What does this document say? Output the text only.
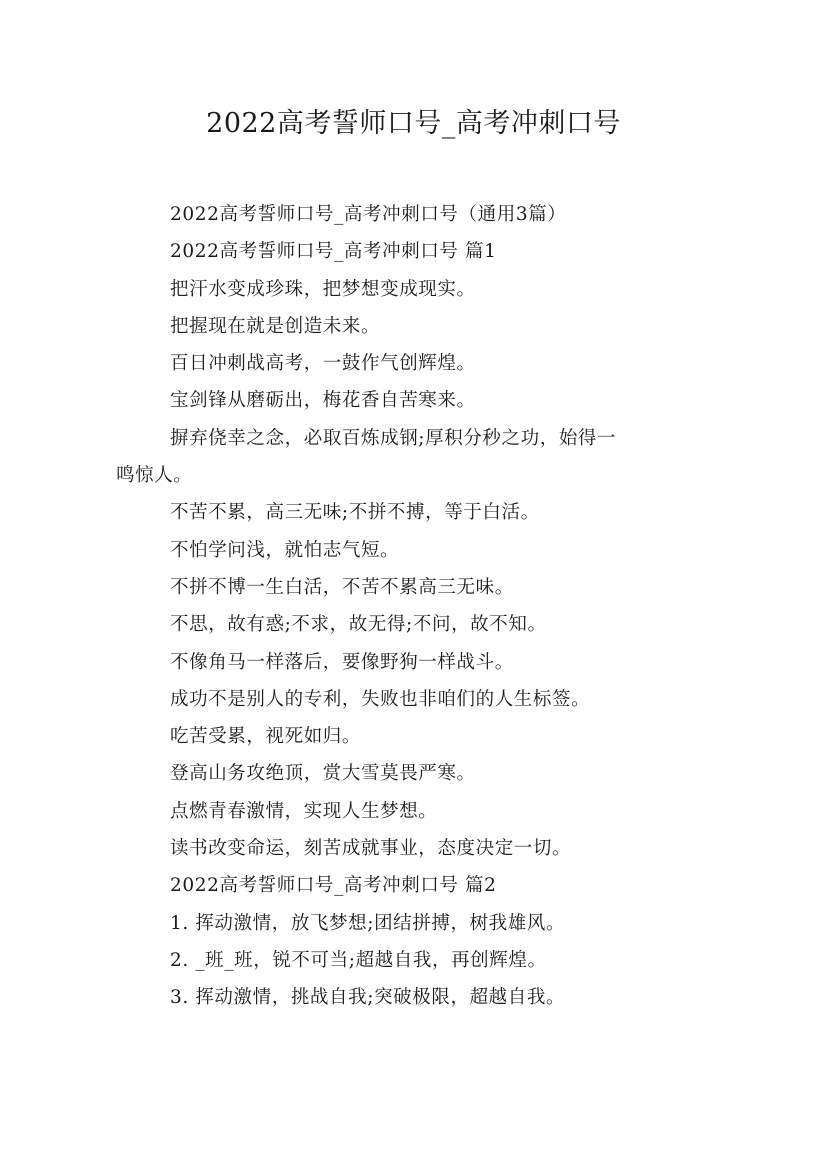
2022高考誓师口号_高考冲刺口号

2022高考誓师口号_高考冲刺口号（通用3篇）

2022高考誓师口号_高考冲刺口号 篇1

把汗水变成珍珠，把梦想变成现实。

把握现在就是创造未来。

百日冲刺战高考，一鼓作气创辉煌。

宝剑锋从磨砺出，梅花香自苦寒来。

摒弃侥幸之念，必取百炼成钢;厚积分秒之功，始得一
鸣惊人。

不苦不累，高三无味;不拼不搏，等于白活。

不怕学问浅，就怕志气短。

不拼不博一生白活，不苦不累高三无味。

不思，故有惑;不求，故无得;不问，故不知。

不像角马一样落后，要像野狗一样战斗。

成功不是别人的专利，失败也非咱们的人生标签。

吃苦受累，视死如归。

登高山务攻绝顶，赏大雪莫畏严寒。

点燃青春激情，实现人生梦想。

读书改变命运，刻苦成就事业，态度决定一切。

2022高考誓师口号_高考冲刺口号 篇2

1. 挥动激情，放飞梦想;团结拼搏，树我雄风。

2. _班_班，锐不可当;超越自我，再创辉煌。

3. 挥动激情，挑战自我;突破极限，超越自我。
